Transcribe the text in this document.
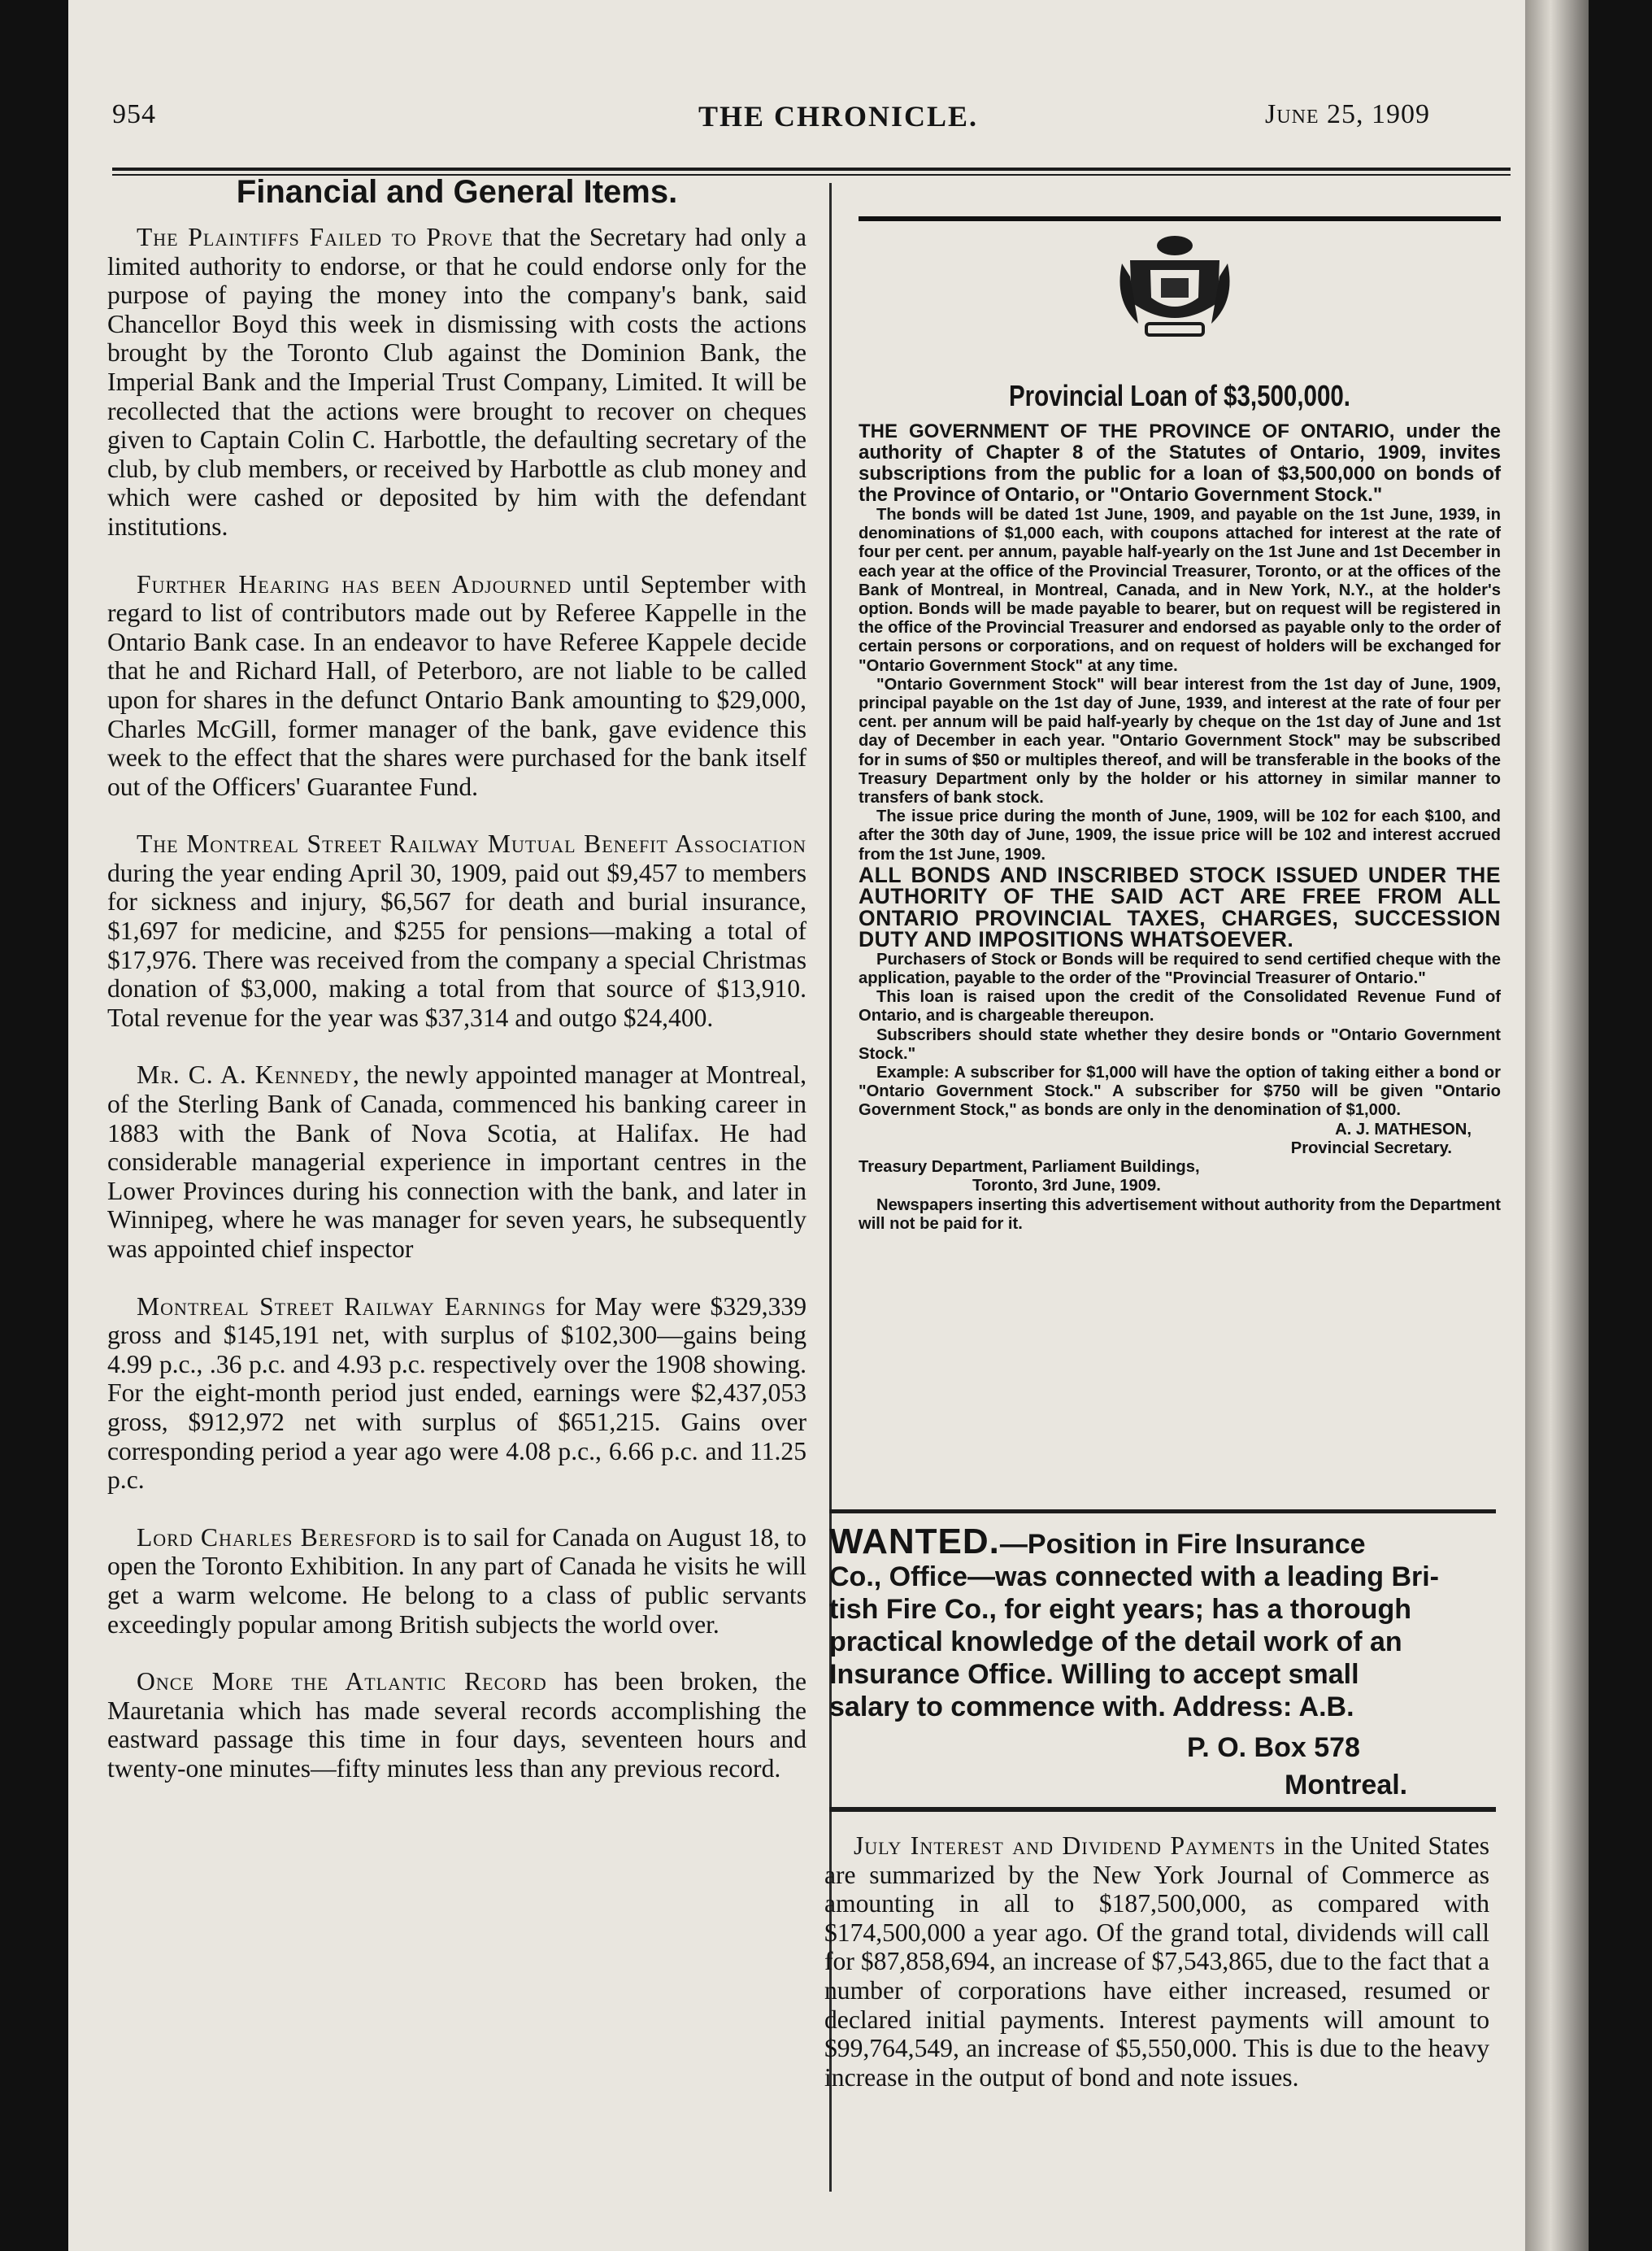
954	THE CHRONICLE.	June 25, 1909
Financial and General Items.

The Plaintiffs Failed to Prove that the Secretary had only a limited authority to endorse, or that he could endorse only for the purpose of paying the money into the company's bank, said Chancellor Boyd this week in dismissing with costs the actions brought by the Toronto Club against the Dominion Bank, the Imperial Bank and the Imperial Trust Company, Limited. It will be recollected that the actions were brought to recover on cheques given to Captain Colin C. Harbottle, the defaulting secretary of the club, by club members, or received by Harbottle as club money and which were cashed or deposited by him with the defendant institutions.

Further Hearing has been Adjourned until September with regard to list of contributors made out by Referee Kappelle in the Ontario Bank case. In an endeavor to have Referee Kappele decide that he and Richard Hall, of Peterboro, are not liable to be called upon for shares in the defunct Ontario Bank amounting to $29,000, Charles McGill, former manager of the bank, gave evidence this week to the effect that the shares were purchased for the bank itself out of the Officers' Guarantee Fund.

The Montreal Street Railway Mutual Benefit Association during the year ending April 30, 1909, paid out $9,457 to members for sickness and injury, $6,567 for death and burial insurance, $1,697 for medicine, and $255 for pensions—making a total of $17,976. There was received from the company a special Christmas donation of $3,000, making a total from that source of $13,910. Total revenue for the year was $37,314 and outgo $24,400.

Mr. C. A. Kennedy, the newly appointed manager at Montreal, of the Sterling Bank of Canada, commenced his banking career in 1883 with the Bank of Nova Scotia, at Halifax. He had considerable managerial experience in important centres in the Lower Provinces during his connection with the bank, and later in Winnipeg, where he was manager for seven years, he subsequently was appointed chief inspector

Montreal Street Railway Earnings for May were $329,339 gross and $145,191 net, with surplus of $102,300—gains being 4.99 p.c., .36 p.c. and 4.93 p.c. respectively over the 1908 showing. For the eight-month period just ended, earnings were $2,437,053 gross, $912,972 net with surplus of $651,215. Gains over corresponding period a year ago were 4.08 p.c., 6.66 p.c. and 11.25 p.c.

Lord Charles Beresford is to sail for Canada on August 18, to open the Toronto Exhibition. In any part of Canada he visits he will get a warm welcome. He belong to a class of public servants exceedingly popular among British subjects the world over.

Once More the Atlantic Record has been broken, the Mauretania which has made several records accomplishing the eastward passage this time in four days, seventeen hours and twenty-one minutes—fifty minutes less than any previous record.

Provincial Loan of $3,500,000.

THE GOVERNMENT OF THE PROVINCE OF ONTARIO, under the authority of Chapter 8 of the Statutes of Ontario, 1909, invites subscriptions from the public for a loan of $3,500,000 on bonds of the Province of Ontario, or "Ontario Government Stock."

The bonds will be dated 1st June, 1909, and payable on the 1st June, 1939, in denominations of $1,000 each, with coupons attached for interest at the rate of four per cent. per annum, payable half-yearly on the 1st June and 1st December in each year at the office of the Provincial Treasurer, Toronto, or at the offices of the Bank of Montreal, in Montreal, Canada, and in New York, N.Y., at the holder's option. Bonds will be made payable to bearer, but on request will be registered in the office of the Provincial Treasurer and endorsed as payable only to the order of certain persons or corporations, and on request of holders will be exchanged for "Ontario Government Stock" at any time.

"Ontario Government Stock" will bear interest from the 1st day of June, 1909, principal payable on the 1st day of June, 1939, and interest at the rate of four per cent. per annum will be paid half-yearly by cheque on the 1st day of June and 1st day of December in each year. "Ontario Government Stock" may be subscribed for in sums of $50 or multiples thereof, and will be transferable in the books of the Treasury Department only by the holder or his attorney in similar manner to transfers of bank stock.

The issue price during the month of June, 1909, will be 102 for each $100, and after the 30th day of June, 1909, the issue price will be 102 and interest accrued from the 1st June, 1909.

ALL BONDS AND INSCRIBED STOCK ISSUED UNDER THE AUTHORITY OF THE SAID ACT ARE FREE FROM ALL ONTARIO PROVINCIAL TAXES, CHARGES, SUCCESSION DUTY AND IMPOSITIONS WHATSOEVER.

Purchasers of Stock or Bonds will be required to send certified cheque with the application, payable to the order of the "Provincial Treasurer of Ontario."

This loan is raised upon the credit of the Consolidated Revenue Fund of Ontario, and is chargeable thereupon.

Subscribers should state whether they desire bonds or "Ontario Government Stock."

Example: A subscriber for $1,000 will have the option of taking either a bond or "Ontario Government Stock." A subscriber for $750 will be given "Ontario Government Stock," as bonds are only in the denomination of $1,000.

A. J. MATHESON,

Provincial Secretary.

Treasury Department, Parliament Buildings,

Toronto, 3rd June, 1909.

Newspapers inserting this advertisement without authority from the Department will not be paid for it.

WANTED.—Position in Fire Insurance
Co., Office—was connected with a leading Bri-
tish Fire Co., for eight years; has a thorough
practical knowledge of the detail work of an
Insurance Office. Willing to accept small
salary to commence with. Address: A.B.
P. O. Box 578
Montreal.

July Interest and Dividend Payments in the United States are summarized by the New York Journal of Commerce as amounting in all to $187,500,000, as compared with $174,500,000 a year ago. Of the grand total, dividends will call for $87,858,694, an increase of $7,543,865, due to the fact that a number of corporations have either increased, resumed or declared initial payments. Interest payments will amount to $99,764,549, an increase of $5,550,000. This is due to the heavy increase in the output of bond and note issues.
